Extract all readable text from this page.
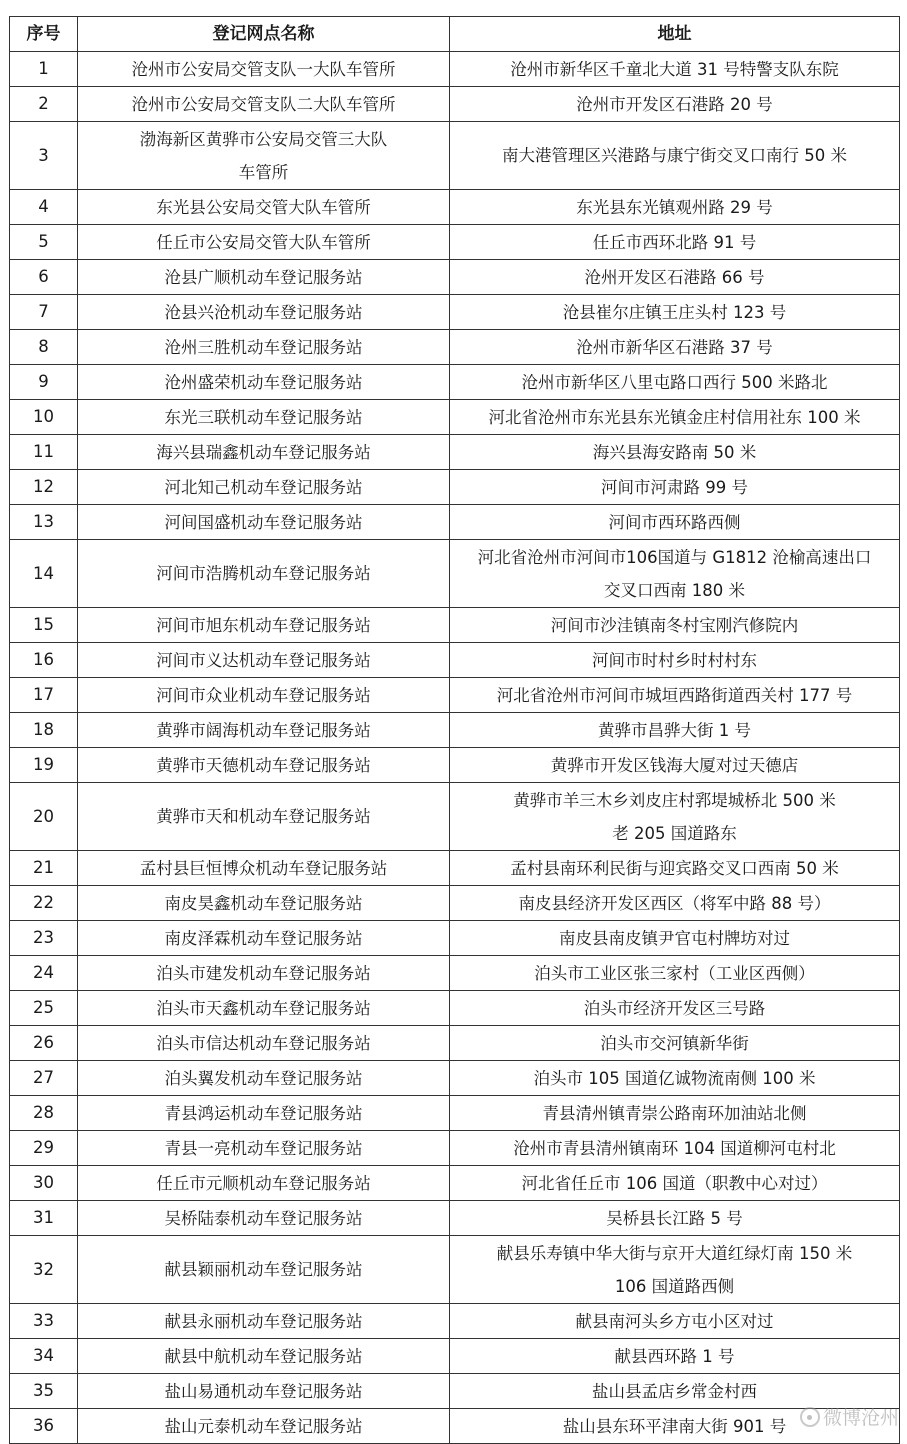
序号	登记网点名称	地址
1	沧州市公安局交管支队一大队车管所	沧州市新华区千童北大道 31 号特警支队东院

2	沧州市公安局交管支队二大队车管所	沧州市开发区石港路 20 号

3	渤海新区黄骅市公安局交管三大队
车管所	南大港管理区兴港路与康宁街交叉口南行 50 米

4	东光县公安局交管大队车管所	东光县东光镇观州路 29 号

5	任丘市公安局交管大队车管所	任丘市西环北路 91 号

6	沧县广顺机动车登记服务站	沧州开发区石港路 66 号

7	沧县兴沧机动车登记服务站	沧县崔尔庄镇王庄头村 123 号

8	沧州三胜机动车登记服务站	沧州市新华区石港路 37 号

9	沧州盛荣机动车登记服务站	沧州市新华区八里屯路口西行 500 米路北

10	东光三联机动车登记服务站	河北省沧州市东光县东光镇金庄村信用社东 100 米

11	海兴县瑞鑫机动车登记服务站	海兴县海安路南 50 米

12	河北知己机动车登记服务站	河间市河肃路 99 号

13	河间国盛机动车登记服务站	河间市西环路西侧

14	河间市浩腾机动车登记服务站	河北省沧州市河间市106国道与 G1812 沧榆高速出口
交叉口西南 180 米

15	河间市旭东机动车登记服务站	河间市沙洼镇南冬村宝刚汽修院内

16	河间市义达机动车登记服务站	河间市时村乡时村村东

17	河间市众业机动车登记服务站	河北省沧州市河间市城垣西路街道西关村 177 号

18	黄骅市阔海机动车登记服务站	黄骅市昌骅大街 1 号

19	黄骅市天德机动车登记服务站	黄骅市开发区钱海大厦对过天德店

20	黄骅市天和机动车登记服务站	黄骅市羊三木乡刘皮庄村郛堤城桥北 500 米
老 205 国道路东

21	孟村县巨恒博众机动车登记服务站	孟村县南环利民街与迎宾路交叉口西南 50 米

22	南皮昊鑫机动车登记服务站	南皮县经济开发区西区（将军中路 88 号）

23	南皮泽霖机动车登记服务站	南皮县南皮镇尹官屯村牌坊对过

24	泊头市建发机动车登记服务站	泊头市工业区张三家村（工业区西侧）

25	泊头市天鑫机动车登记服务站	泊头市经济开发区三号路

26	泊头市信达机动车登记服务站	泊头市交河镇新华街

27	泊头翼发机动车登记服务站	泊头市 105 国道亿诚物流南侧 100 米

28	青县鸿运机动车登记服务站	青县清州镇青崇公路南环加油站北侧

29	青县一亮机动车登记服务站	沧州市青县清州镇南环 104 国道柳河屯村北

30	任丘市元顺机动车登记服务站	河北省任丘市 106 国道（职教中心对过）

31	吴桥陆泰机动车登记服务站	吴桥县长江路 5 号

32	献县颖丽机动车登记服务站	献县乐寿镇中华大街与京开大道红绿灯南 150 米
106 国道路西侧

33	献县永丽机动车登记服务站	献县南河头乡方屯小区对过

34	献县中航机动车登记服务站	献县西环路 1 号

35	盐山易通机动车登记服务站	盐山县孟店乡常金村西

36	盐山元泰机动车登记服务站	盐山县东环平津南大街 901 号	微博沧州
